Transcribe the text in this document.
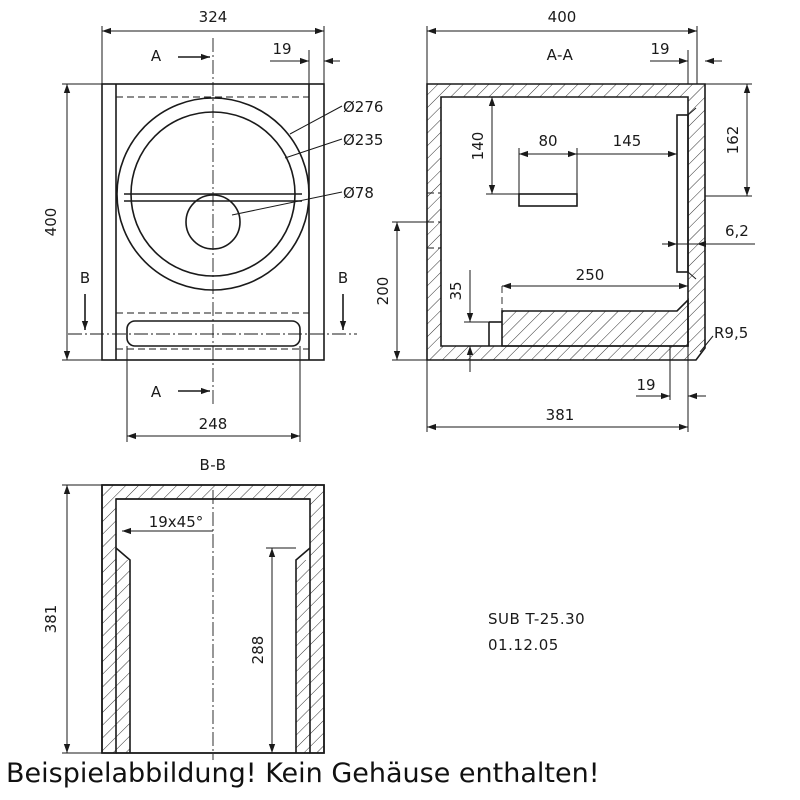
324
19
400
248
Ø276
Ø235
Ø78
A
A
B	B
A-A
400
19
162
140	80	145
6,2
250
35
200
R9,5
19
381
B-B
19x45°
381
288
SUB T-25.30
01.12.05
Beispielabbildung! Kein Gehäuse enthalten!
